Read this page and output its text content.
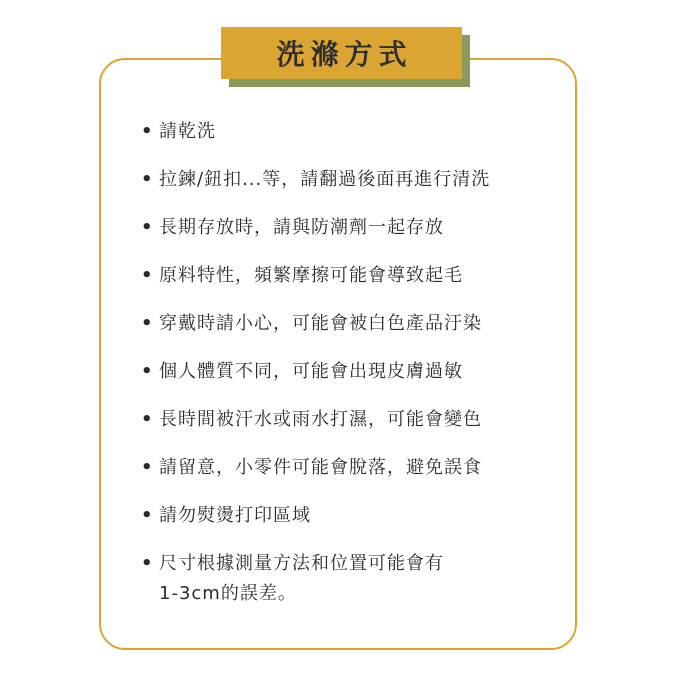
洗滌方式
• 請乾洗
• 拉鍊/鈕扣...等，請翻過後面再進行清洗
• 長期存放時，請與防潮劑一起存放
• 原料特性，頻繁摩擦可能會導致起毛
• 穿戴時請小心，可能會被白色產品汙染
• 個人體質不同，可能會出現皮膚過敏
• 長時間被汗水或雨水打濕，可能會變色
• 請留意，小零件可能會脫落，避免誤食
• 請勿熨燙打印區域
• 尺寸根據測量方法和位置可能會有
1-3cm的誤差。
